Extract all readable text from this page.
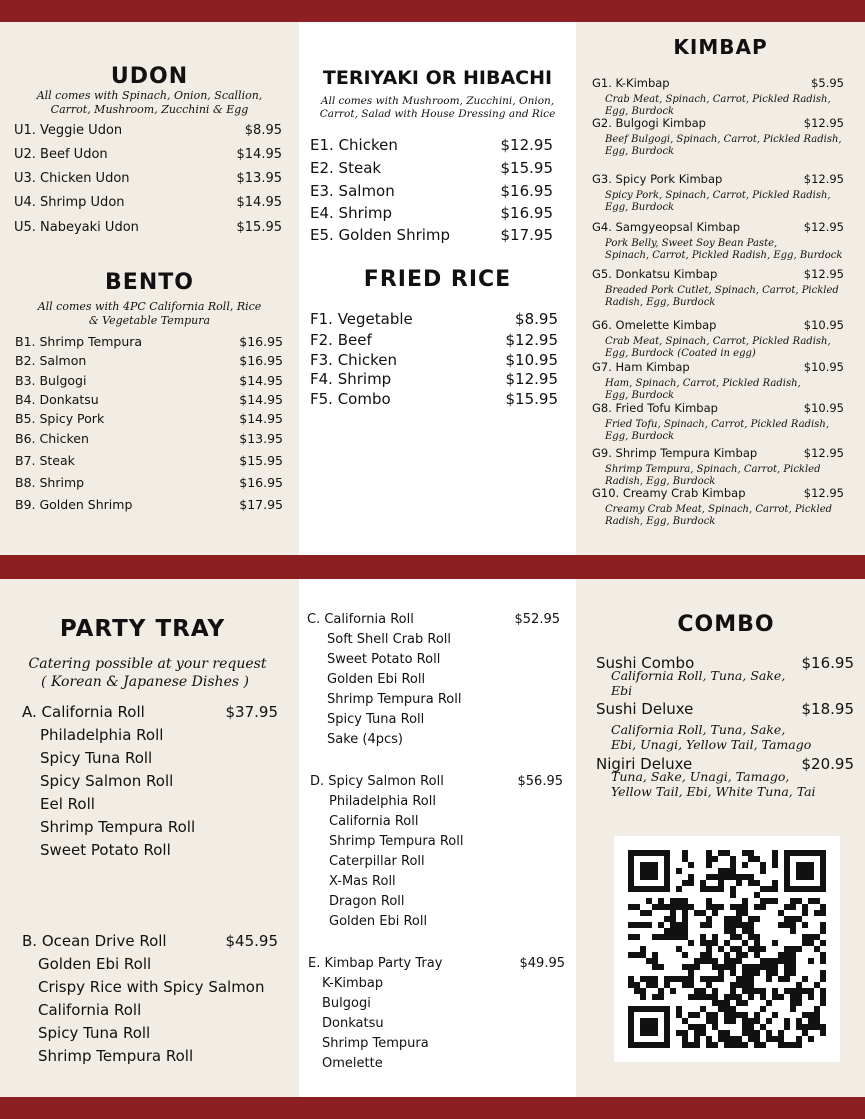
UDON
All comes with Spinach, Onion, Scallion,
Carrot, Mushroom, Zucchini & Egg
U1. Veggie Udon	$8.95
U2. Beef Udon	$14.95
U3. Chicken Udon	$13.95
U4. Shrimp Udon	$14.95
U5. Nabeyaki Udon	$15.95
BENTO
All comes with 4PC California Roll, Rice
& Vegetable Tempura
B1. Shrimp Tempura	$16.95
B2. Salmon	$16.95
B3. Bulgogi	$14.95
B4. Donkatsu	$14.95
B5. Spicy Pork	$14.95
B6. Chicken	$13.95
B7. Steak	$15.95
B8. Shrimp	$16.95
B9. Golden Shrimp	$17.95
TERIYAKI OR HIBACHI
All comes with Mushroom, Zucchini, Onion,
Carrot, Salad with House Dressing and Rice
E1. Chicken	$12.95
E2. Steak	$15.95
E3. Salmon	$16.95
E4. Shrimp	$16.95
E5. Golden Shrimp	$17.95
FRIED RICE
F1. Vegetable	$8.95
F2. Beef	$12.95
F3. Chicken	$10.95
F4. Shrimp	$12.95
F5. Combo	$15.95
KIMBAP
G1. K-Kimbap	$5.95
Crab Meat, Spinach, Carrot, Pickled Radish,
Egg, Burdock
G2. Bulgogi Kimbap	$12.95
Beef Bulgogi, Spinach, Carrot, Pickled Radish,
Egg, Burdock
G3. Spicy Pork Kimbap	$12.95
Spicy Pork, Spinach, Carrot, Pickled Radish,
Egg, Burdock
G4. Samgyeopsal Kimbap	$12.95
Pork Belly, Sweet Soy Bean Paste,
Spinach, Carrot, Pickled Radish, Egg, Burdock
G5. Donkatsu Kimbap	$12.95
Breaded Pork Cutlet, Spinach, Carrot, Pickled
Radish, Egg, Burdock
G6. Omelette Kimbap	$10.95
Crab Meat, Spinach, Carrot, Pickled Radish,
Egg, Burdock (Coated in egg)
G7. Ham Kimbap	$10.95
Ham, Spinach, Carrot, Pickled Radish,
Egg, Burdock
G8. Fried Tofu Kimbap	$10.95
Fried Tofu, Spinach, Carrot, Pickled Radish,
Egg, Burdock
G9. Shrimp Tempura Kimbap	$12.95
Shrimp Tempura, Spinach, Carrot, Pickled
Radish, Egg, Burdock
G10. Creamy Crab Kimbap	$12.95
Creamy Crab Meat, Spinach, Carrot, Pickled
Radish, Egg, Burdock
PARTY TRAY
Catering possible at your request
( Korean & Japanese Dishes )
A. California Roll	$37.95
Philadelphia Roll
Spicy Tuna Roll
Spicy Salmon Roll
Eel Roll
Shrimp Tempura Roll
Sweet Potato Roll
B. Ocean Drive Roll	$45.95
Golden Ebi Roll
Crispy Rice with Spicy Salmon
California Roll
Spicy Tuna Roll
Shrimp Tempura Roll
C. California Roll	$52.95
Soft Shell Crab Roll
Sweet Potato Roll
Golden Ebi Roll
Shrimp Tempura Roll
Spicy Tuna Roll
Sake (4pcs)
D. Spicy Salmon Roll	$56.95
Philadelphia Roll
California Roll
Shrimp Tempura Roll
Caterpillar Roll
X-Mas Roll
Dragon Roll
Golden Ebi Roll
E. Kimbap Party Tray	$49.95
K-Kimbap
Bulgogi
Donkatsu
Shrimp Tempura
Omelette
COMBO
Sushi Combo	$16.95
California Roll, Tuna, Sake,
Ebi
Sushi Deluxe	$18.95
California Roll, Tuna, Sake,
Ebi, Unagi, Yellow Tail, Tamago
Nigiri Deluxe	$20.95
Tuna, Sake, Unagi, Tamago,
Yellow Tail, Ebi, White Tuna, Tai
